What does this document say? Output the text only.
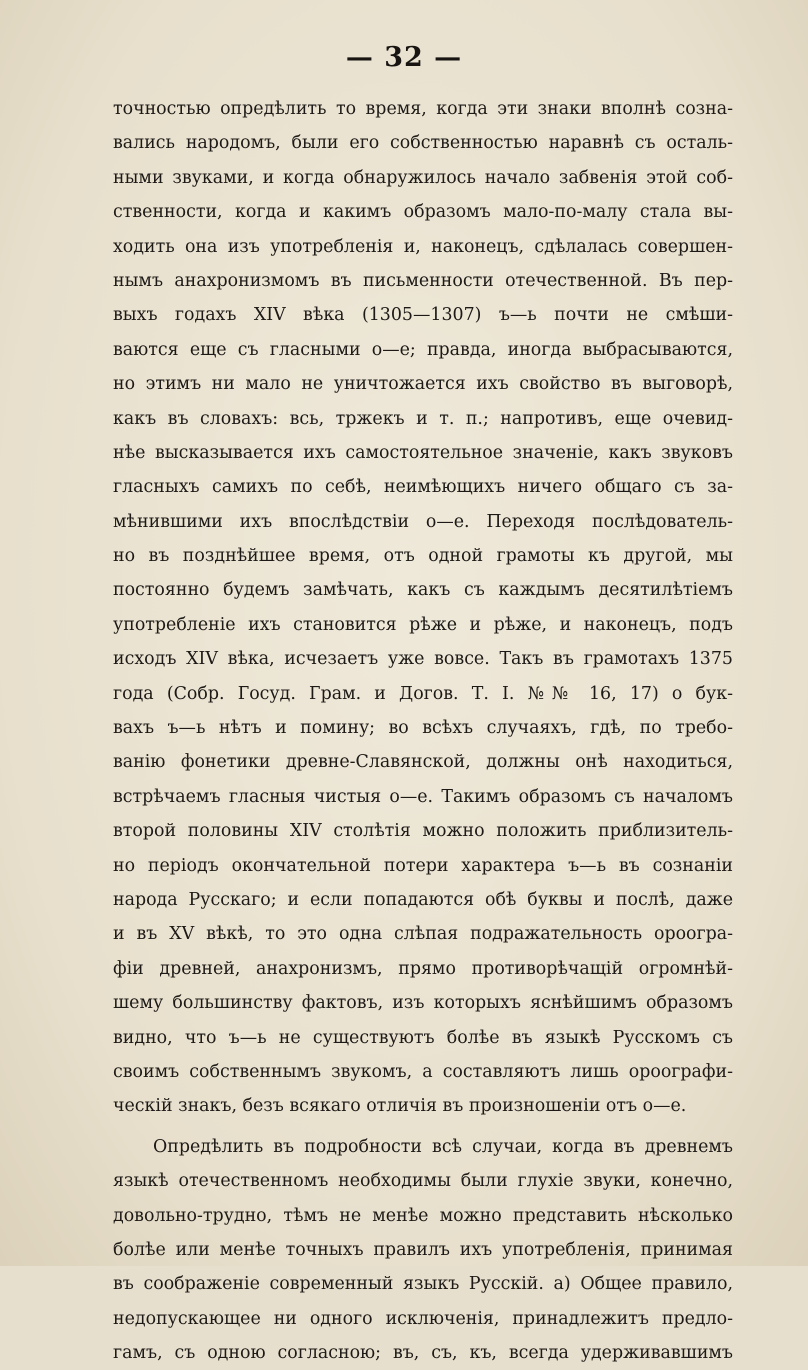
— 32 —
точностью опредѣлить то время, когда эти знаки вполнѣ созна-
вались народомъ, были его собственностью наравнѣ съ осталь-
ными звуками, и когда обнаружилось начало забвенія этой соб-
ственности, когда и какимъ образомъ мало-по-малу стала вы-
ходить она изъ употребленія и, наконецъ, сдѣлалась совершен-
нымъ анахронизмомъ въ письменности отечественной. Въ пер-
выхъ годахъ XIV вѣка (1305—1307) ъ—ь почти не смѣши-
ваются еще съ гласными о—е; правда, иногда выбрасываются,
но этимъ ни мало не уничтожается ихъ свойство въ выговорѣ,
какъ въ словахъ: всь, тржекъ и т. п.; напротивъ, еще очевид-
нѣе высказывается ихъ самостоятельное значеніе, какъ звуковъ
гласныхъ самихъ по себѣ, неимѣющихъ ничего общаго съ за-
мѣнившими ихъ впослѣдствіи о—е. Переходя послѣдователь-
но въ позднѣйшее время, отъ одной грамоты къ другой, мы
постоянно будемъ замѣчать, какъ съ каждымъ десятилѣтіемъ
употребленіе ихъ становится рѣже и рѣже, и наконецъ, подъ
исходъ XIV вѣка, исчезаетъ уже вовсе. Такъ въ грамотахъ 1375
года (Собр. Госуд. Грам. и Догов. Т. I. №№ 16, 17) о бук-
вахъ ъ—ь нѣтъ и помину; во всѣхъ случаяхъ, гдѣ, по требо-
ванію фонетики древне-Славянской, должны онѣ находиться,
встрѣчаемъ гласныя чистыя о—е. Такимъ образомъ съ началомъ
второй половины XIV столѣтія можно положить приблизитель-
но періодъ окончательной потери характера ъ—ь въ сознаніи
народа Русскаго; и если попадаются обѣ буквы и послѣ, даже
и въ XV вѣкѣ, то это одна слѣпая подражательность ороогра-
фіи древней, анахронизмъ, прямо противорѣчащій огромнѣй-
шему большинству фактовъ, изъ которыхъ яснѣйшимъ образомъ
видно, что ъ—ь не существуютъ болѣе въ языкѣ Русскомъ съ
своимъ собственнымъ звукомъ, а составляютъ лишь ороографи-
ческій знакъ, безъ всякаго отличія въ произношеніи отъ о—е.
Опредѣлить въ подробности всѣ случаи, когда въ древнемъ
языкѣ отечественномъ необходимы были глухіе звуки, конечно,
довольно-трудно, тѣмъ не менѣе можно представить нѣсколько
болѣе или менѣе точныхъ правилъ ихъ употребленія, принимая
въ соображеніе современный языкъ Русскій. а) Общее правило,
недопускающее ни одного исключенія, принадлежитъ предло-
гамъ, съ одною согласною; въ, съ, къ, всегда удерживавшимъ
